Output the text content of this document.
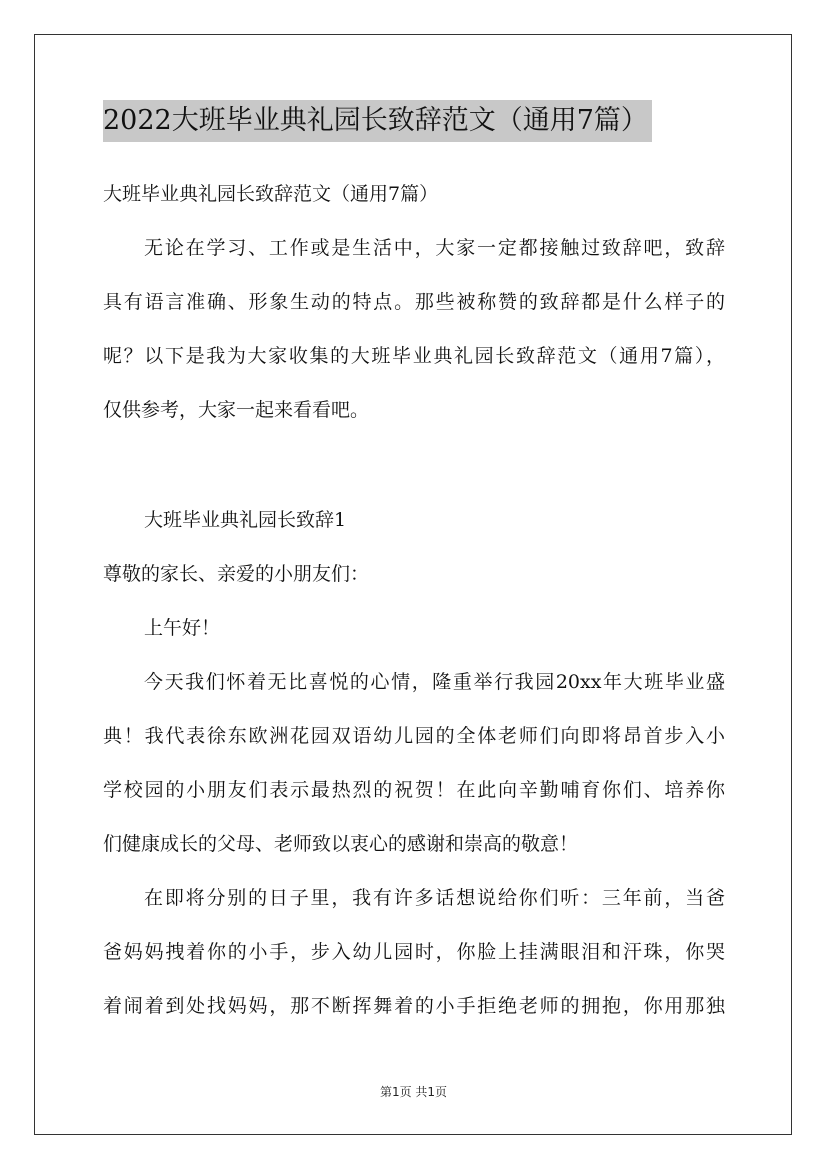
2022大班毕业典礼园长致辞范文（通用7篇）
大班毕业典礼园长致辞范文（通用7篇）
无论在学习、工作或是生活中，大家一定都接触过致辞吧，致辞
具有语言准确、形象生动的特点。那些被称赞的致辞都是什么样子的
呢？以下是我为大家收集的大班毕业典礼园长致辞范文（通用7篇），
仅供参考，大家一起来看看吧。
大班毕业典礼园长致辞1
尊敬的家长、亲爱的小朋友们：
上午好！
今天我们怀着无比喜悦的心情，隆重举行我园20xx年大班毕业盛
典！我代表徐东欧洲花园双语幼儿园的全体老师们向即将昂首步入小
学校园的小朋友们表示最热烈的祝贺！在此向辛勤哺育你们、培养你
们健康成长的父母、老师致以衷心的感谢和崇高的敬意！
在即将分别的日子里，我有许多话想说给你们听：三年前，当爸
爸妈妈拽着你的小手，步入幼儿园时，你脸上挂满眼泪和汗珠，你哭
着闹着到处找妈妈，那不断挥舞着的小手拒绝老师的拥抱，你用那独
第1页 共1页
